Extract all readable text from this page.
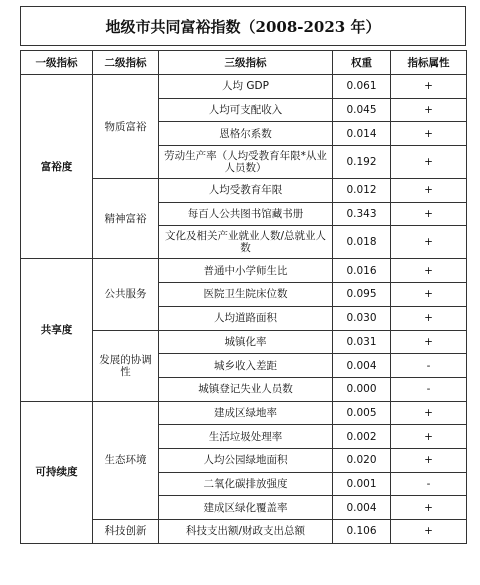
地级市共同富裕指数（2008-2023 年）
一级指标	二级指标	三级指标	权重	指标属性
富裕度	物质富裕	人均 GDP	0.061	+
		人均可支配收入	0.045	+
		恩格尔系数	0.014	+
		劳动生产率（人均受教育年限*从业人员数）	0.192	+
	精神富裕	人均受教育年限	0.012	+
		每百人公共图书馆藏书册	0.343	+
		文化及相关产业就业人数/总就业人数	0.018	+
共享度	公共服务	普通中小学师生比	0.016	+
		医院卫生院床位数	0.095	+
		人均道路面积	0.030	+
	发展的协调性	城镇化率	0.031	+
		城乡收入差距	0.004	-
		城镇登记失业人员数	0.000	-
可持续度	生态环境	建成区绿地率	0.005	+
		生活垃圾处理率	0.002	+
		人均公园绿地面积	0.020	+
		二氧化碳排放强度	0.001	-
		建成区绿化覆盖率	0.004	+
	科技创新	科技支出额/财政支出总额	0.106	+
